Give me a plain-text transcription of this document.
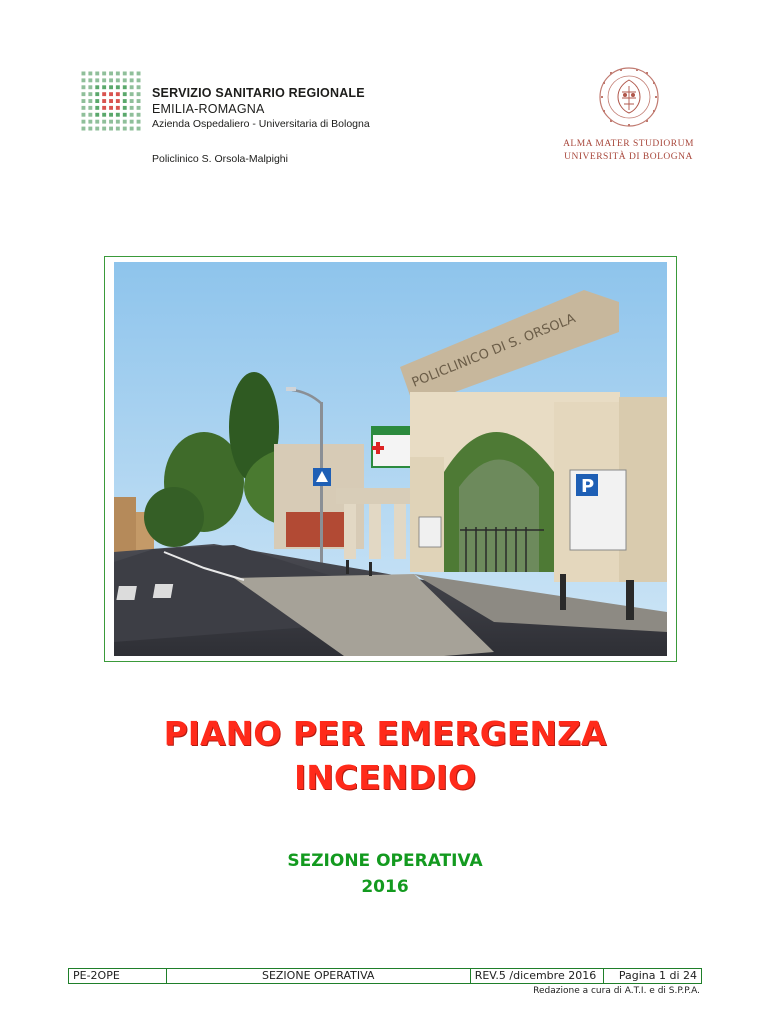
SERVIZIO SANITARIO REGIONALE
EMILIA-ROMAGNA
Azienda Ospedaliero - Universitaria di Bologna
Policlinico S. Orsola-Malpighi
ALMA MATER STUDIORUM
UNIVERSITÀ DI BOLOGNA
POLICLINICO DI S. ORSOLA
P
PIANO PER EMERGENZA
INCENDIO
SEZIONE OPERATIVA
2016
PE-2OPE	SEZIONE OPERATIVA	REV.5 /dicembre 2016	Pagina 1 di 24
Redazione a cura di A.T.I. e di S.P.P.A.
